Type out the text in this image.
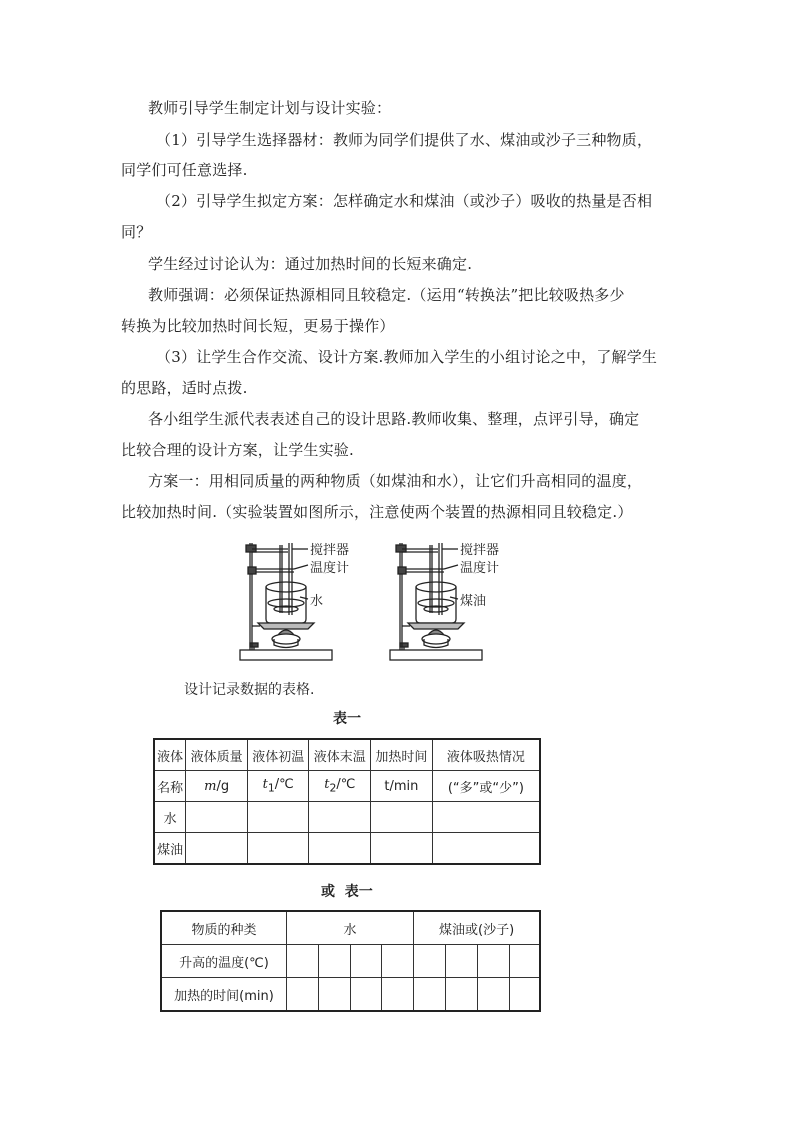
教师引导学生制定计划与设计实验：
（1）引导学生选择器材：教师为同学们提供了水、煤油或沙子三种物质，
同学们可任意选择.
（2）引导学生拟定方案：怎样确定水和煤油（或沙子）吸收的热量是否相
同？
学生经过讨论认为：通过加热时间的长短来确定.
教师强调：必须保证热源相同且较稳定.（运用“转换法”把比较吸热多少
转换为比较加热时间长短，更易于操作）
（3）让学生合作交流、设计方案.教师加入学生的小组讨论之中，了解学生
的思路，适时点拨.
各小组学生派代表表述自己的设计思路.教师收集、整理，点评引导，确定
比较合理的设计方案，让学生实验.
方案一：用相同质量的两种物质（如煤油和水），让它们升高相同的温度，
比较加热时间.（实验装置如图所示，注意使两个装置的热源相同且较稳定.）
搅拌器
温度计
水
搅拌器
温度计
煤油
设计记录数据的表格.
表一
液体	液体质量	液体初温	液体末温	加热时间	液体吸热情况
名称	m/g	$t_1/℃$	$t_2/℃$	t/min	(“多”或“少”)
水					
煤油					
或  表一
物质的种类	水				煤油或(沙子)			
升高的温度(℃)								
加热的时间(min)								
